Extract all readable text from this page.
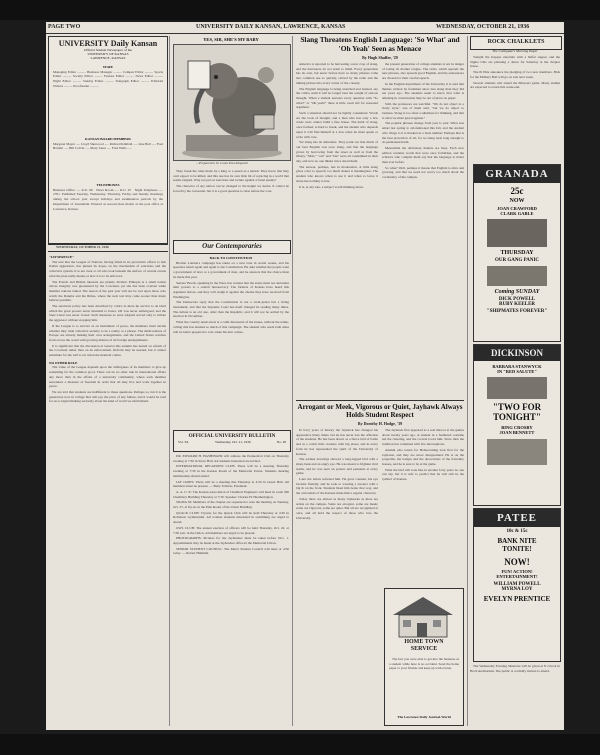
PAGE TWO	UNIVERSITY DAILY KANSAN, LAWRENCE, KANSAS	WEDNESDAY, OCTOBER 21, 1936
UNIVERSITY Daily Kansan
Official Student Newspaper of the
UNIVERSITY OF KANSAS
LAWRENCE, KANSAS
STAFF
Managing Editor .......... Business Manager .......... Campus Editor .......... Sports Editor .......... Society Editor .......... Feature Editor .......... News Editor .......... Night Editor .......... Sunday Editor .......... Telegraph Editor .......... Editorial Writers .......... Proofreader ..........
KANSAN BOARD MEMBERS
Margaret Mayer ..... Lloyd Sherwood ..... Richard Kimball ..... Jane Bell ..... Fred Bartlett ..... Bill Colvin ..... Mary Jones ..... Fred Wells .....
TELEPHONES
Business Office ..... K.U. 66   News Room ..... K.U. 25   Night Telephone ..... 2701. Published Tuesday, Wednesday, Thursday, Friday and Sunday mornings during the school year except holidays and examination periods by the Department of Journalism. Entered as second-class matter at the post office at Lawrence, Kansas.
WEDNESDAY, OCTOBER 21, 1936
"LIP SERVICE"

The text that the League of Nations, having failed in its preventive efforts to halt Italian aggression, has pinned its hopes on the mechanism of sanctions and the collective system. It is not clear to all who look beneath the surface of current events what the plan really means or how it is to be enforced.

The French and British interests are plainly divided. Ethiopia is a small nation whose integrity was guaranteed by the Covenant, yet she has been overrun while member nations talked. The lesson of the past year will not be lost upon those who watch the Danube and the Rhine, where the next test may come sooner than many believe possible.

The sanctions policy has been described by critics as mere lip service to an ideal which the great powers never intended to honor. Oil was never embargoed, and the Suez Canal was never closed. Such measures as were adopted served only to irritate the aggressor without stopping him.

If the League is to survive as an instrument of peace, the members must decide whether they wish collective security to be a reality or a phrase. The small nations of Europe are already making their own arrangements, and the United States watches from across the ocean with growing distrust of all foreign entanglements.

It is significant that the discussion at Geneva this autumn has turned on reform of the Covenant rather than on its enforcement. Reform may be needed, but it cannot substitute for the will to act when the moment comes.

NO OTHER RULE

The value of the League depends upon the willingness of its members to give up something for the common good. There can be no other rule in international affairs any more than in the affairs of a university community, where each member surrenders a measure of freedom in order that all may live and work together in peace.

We are told that students are indifferent to these questions. Perhaps so, but it is the generation now in college that will pay the price of any failure, and it would be well for us to begin thinking seriously about the kind of world we shall inherit.

YES, SIR, SHE'S MY BABY
—Prepared in St. Louis Post-Dispatch

They break the rules made by a king or a queen as a smash. They know that they can't expect to be killed, and this one has its own little bit of rejoicing in a world that seems tangled. Why not put on sanctions and torture against a banal enemy?

The character of any nation can be changed to the height we desire. It cannot be forced by the cartoonist, but it is a good question to raise before the vote.

Our Contemporaries
BACK TO CONSTITUTION

Brother Landon's campaign has taken on a new tone in recent weeks, and his speeches return again and again to the Constitution. He asks whether the people want a government of laws or a government of men, and he answers that the choice must be made this year.

Senator Borah, speaking in the West, has warned that the states must not surrender their powers to a central bureaucracy. The farmers of Kansas have heard this argument before, and they will weigh it against the checks they have received from Washington.

The Democrats reply that the Constitution is not a strait-jacket but a living instrument, and that the Supreme Court has itself changed its reading many times. The debate is an old one, older than the Republic, and it will not be settled by the election in November.

What the country needs most is a calm discussion of the issues, without the name-calling that has marked so much of this campaign. The student who reads both sides will be better prepared to vote when his turn comes.

OFFICIAL UNIVERSITY BULLETIN
Vol. XL	Wednesday, Oct. 21, 1936	No. 28

DR. EDWARD H. HASHINGER will address the Premedical Club on Thursday evening at 7:30 in Snow Hall. All students interested are invited.

INTERNATIONAL RELATIONS CLUB: There will be a meeting Thursday evening at 7:30 in the Kansas Room of the Memorial Union. Students desiring membership should attend.

JAY JANES: There will be a meeting this Thursday at 4:30 in Green Hall. All members must be present. — Betty Tolliver, President.

A. A. U. P.: The Kansas Association of Chemical Engineers will meet in room 300 Chemistry Building Thursday at 7:30. Speaker: Charles H. Heatherington.

SIGMA XI: Members of the chapter are requested to note the meeting on Tuesday, Oct. 27, at 8 p.m. in the Pine Room of the Union Building.

QUACK CLUB: Tryouts for the Quack Club will be held Thursday at 4:30 in Robinson Gymnasium. All women students interested in swimming are urged to attend.

OWL CLUB: The annual election of officers will be held Thursday, Oct. 22, at 7:30 p.m. in the Union. All members are urged to be present.

PHOTOGRAPHS: Pictures for the Jayhawker must be taken before Nov. 1. Appointments may be made at the Jayhawker office in the Memorial Union.

SENIOR STUDENT COUNCIL: The Men's Student Council will meet at 4:30 today. — Robert Hummel.

Slang Threatens English Language: 'So What' and 'Oh Yeah' Seen as Menace
By Hugh Shaffer, '29

America is reported to be harvesting a new crop of slang, and the harvesters do not seem to mind. Every generation has its own, but never before have so many phrases come into common use so quickly, carried by the radio and the talking picture into every corner of the country.

The English language is being stretched and twisted, say the critics, until it will no longer bear the weight of serious thought. When a student answers every question with "So what?" or "Oh yeah?" there is little room left for reasoned argument.

Such a situation should not be lightly considered. Words are the tools of thought, and a man who has only a few crude tools cannot build a fine house. The habit of slang, once formed, is hard to break, and the student who depends upon it will find himself at a loss when he must speak or write with care.

Yet slang has its defenders. They point out that much of our best English was once slang, and that the language grows by borrowing from the street as well as from the library. "Mob," "cab" and "bus" were all condemned in their day, and now no one thinks twice about them.

The answer, perhaps, lies in moderation. A little slang gives color to speech; too much makes it meaningless. The student who knows when to use it and when to leave it alone has nothing to fear.

It is, at any rate, a subject worth thinking about.

the present generation of college students is not in danger of losing its mother tongue. The radio, which spreads the new phrases, also spreads good English, and the announcers are chosen for their careful speech.

In the English department of the University it is said that themes written by freshmen show less slang than they did ten years ago. The students seem to know that what is amusing in conversation may be out of place on paper.

Still, the professors are watchful. "We do not object to a lively style," one of them said, "but we do object to laziness. Slang is too often a substitute for thinking, and that is what we must guard against."

The popular phrases change from year to year. What was smart last spring is old-fashioned this fall, and the student who clings to it is marked as a back number. Perhaps that is the best protection of all, for no slang lasts long enough to do permanent harm.

Meanwhile the dictionary makers are busy. Each new edition contains words that were once forbidden, and the scholars who compile them say that the language is richer than ever before.

So what? Well, perhaps it means that English is alive and growing, and that we need not worry too much about the vocabulary of the campus.

Arrogant or Meek, Vigorous or Quiet, Jayhawk Always Holds Student Respect
By Dorothy H. Hodge, '39

In forty years of history the Jayhawk has changed his appearance many times, but he has never lost the affection of the students. He has been drawn as a fierce bird of battle and as a comic little creature with big shoes, and in every form he has represented the spirit of the University of Kansas.

The earliest drawings showed a long-legged bird with a sharp beak and an angry eye. He was meant to frighten rival teams, and he was seen on posters and pennants at every game.

Later the artists softened him. He grew rounder, his eye became friendly, and he took to wearing a sweater with a big K on the front. Students liked him better that way, and the cartoonists of the Kansan made him a regular character.

Today there are almost as many Jayhawks as there are artists on the campus. Some are arrogant, some are meek; some are vigorous, some are quiet. But all are recognized at once, and all hold the respect of those who love the University.

The Jayhawk first appeared as a real mascot at the games about twenty years ago. A student in a feathered costume led the cheering, and the crowds loved him. Since then the tradition has continued with few interruptions.

Alumni who return for Homecoming look first for the Jayhawk, and they are never disappointed. He is on the programs, the badges and the decorations of the fraternity houses, and he is sure to be at the game.

What the bird will look like in another forty years no one can say, but it is safe to predict that he will still be the symbol of Kansas.

HOME TOWN
SERVICE

The fact you were able to get into the business as a student while here is no accident. Send the home paper to your friends and keep up with events.

The Lawrence Daily Journal-World
ROCK CHALKLETS
The Collegiate's Morning Paper

Tonight the Kappas entertain with a buffet supper, and the Sigma Chis are planning a dance for Saturday at the chapter house.

The Pi Phis announce the pledging of two new members. Bids for the Military Ball will go on sale next week.

Several students will attend the Missouri game. Many alumni are expected to return this week-end.

GRANADA
25c
NOW
JOAN CRAWFORD
CLARK GABLE
THURSDAY
OUR GANG PANIC
Coming SUNDAY
DICK POWELL
RUBY KEELER
"SHIPMATES FOREVER"
DICKINSON
BARBARA STANWYCK
IN "RED SALUTE"
"TWO FOR TONIGHT"
BING CROSBY
JOAN BENNETT
PATEE
10c & 15c
BANK NITE
TONITE!
NOW!
FUN! ACTION!
ENTERTAINMENT!
WILLIAM POWELL
MYRNA LOY
EVELYN PRENTICE

The Wednesday Evening Musicale will be given at 8 o'clock in Hoch Auditorium. The public is cordially invited to attend.
